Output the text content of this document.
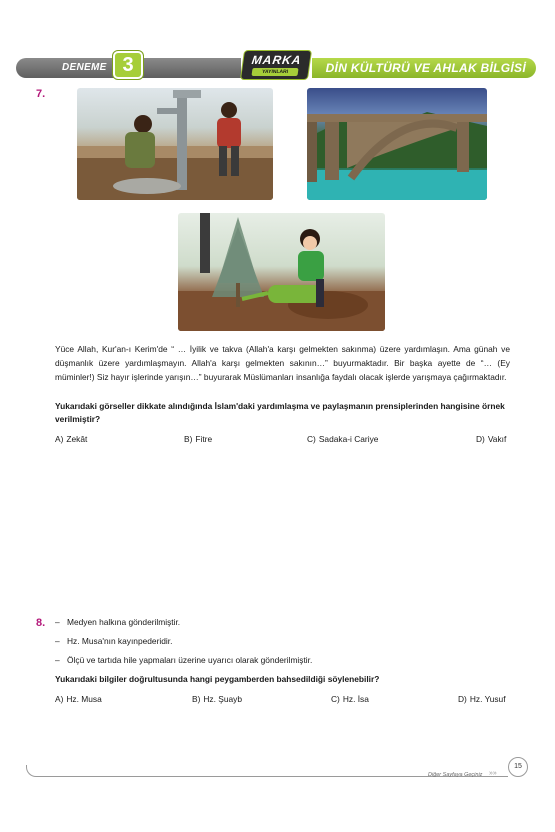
DENEME 3	MARKA
YAYINLARI	DİN KÜLTÜRÜ VE AHLAK BİLGİSİ
7.
Yüce Allah, Kur'an-ı Kerim'de “ … İyilik ve takva (Allah'a karşı gelmekten sakınma) üzere yardımlaşın. Ama günah ve düşmanlık üzere yardımlaşmayın. Allah'a karşı gelmekten sakının…” buyurmaktadır. Bir başka ayette de “… (Ey müminler!) Siz hayır işlerinde yarışın…” buyurarak Müslümanları insanlığa faydalı olacak işlerde yarışmaya çağırmaktadır.
Yukarıdaki görseller dikkate alındığında İslam'daki yardımlaşma ve paylaşmanın prensiplerinden hangisine örnek verilmiştir?
A) Zekât	B) Fitre	C) Sadaka-i Cariye	D) Vakıf
8. – Medyen halkına gönderilmiştir.
– Hz. Musa'nın kayınpederidir.
– Ölçü ve tartıda hile yapmaları üzerine uyarıcı olarak gönderilmiştir.
Yukarıdaki bilgiler doğrultusunda hangi peygamberden bahsedildiği söylenebilir?
A) Hz. Musa	B) Hz. Şuayb	C) Hz. İsa	D) Hz. Yusuf
Diğer Sayfaya Geçiniz »»
15
